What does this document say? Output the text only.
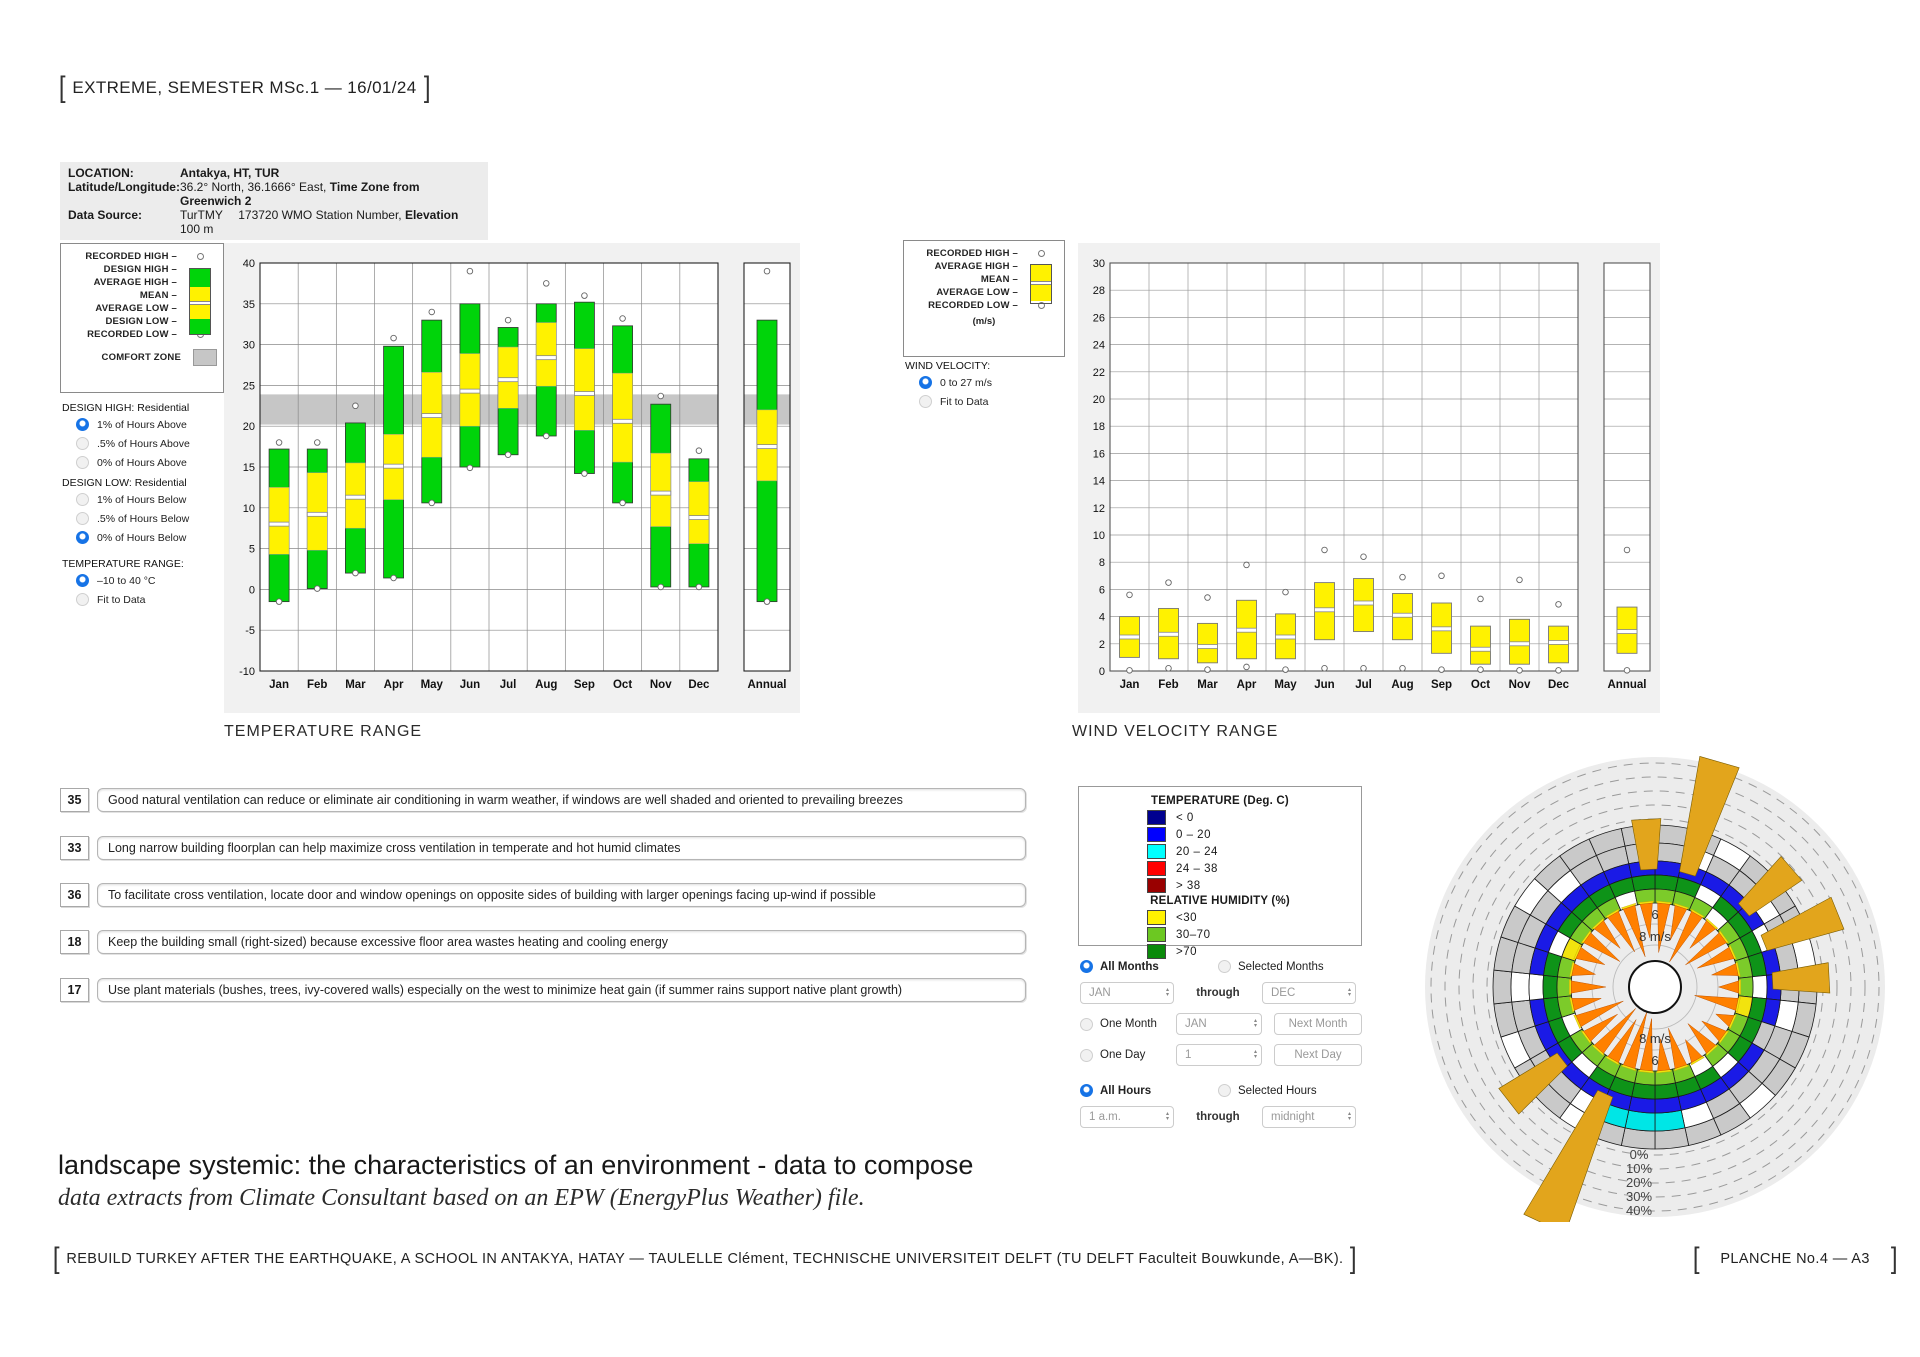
[ EXTREME, SEMESTER MSc.1 — 16/01/24 ]
LOCATION:	Antakya, HT, TUR
Latitude/Longitude: 36.2° North, 36.1666° East, Time Zone from Greenwich 2
Data Source:	TurTMY  173720 WMO Station Number, Elevation 100 m
RECORDED HIGH –
DESIGN HIGH –
AVERAGE HIGH –
MEAN –
AVERAGE LOW –
DESIGN LOW –
RECORDED LOW –
COMFORT ZONE
DESIGN HIGH: Residential
1% of Hours Above
.5% of Hours Above
0% of Hours Above
DESIGN LOW: Residential
1% of Hours Below
.5% of Hours Below
0% of Hours Below
TEMPERATURE RANGE:
–10 to 40 °C
Fit to Data
-10
-5
0
5
10
15
20
25
30
35
40
Jan Feb Mar Apr May Jun Jul Aug Sep Oct Nov Dec	Annual
TEMPERATURE RANGE
RECORDED HIGH –
AVERAGE HIGH –
MEAN –
AVERAGE LOW –
RECORDED LOW –
(m/s)
WIND VELOCITY:
0 to 27 m/s
Fit to Data
0
2
4
6
8
10
12
14
16
18
20
22
24
26
28
30
Jan Feb Mar Apr May Jun Jul Aug Sep Oct Nov Dec	Annual
WIND VELOCITY RANGE
35	Good natural ventilation can reduce or eliminate air conditioning in warm weather, if windows are well shaded and oriented to prevailing breezes
33	Long narrow building floorplan can help maximize cross ventilation in temperate and hot humid climates
36	To facilitate cross ventilation, locate door and window openings on opposite sides of building with larger openings facing up-wind if possible
18	Keep the building small (right-sized) because excessive floor area wastes heating and cooling energy
17	Use plant materials (bushes, trees, ivy-covered walls) especially on the west to minimize heat gain (if summer rains support native plant growth)
TEMPERATURE (Deg. C)
< 0
0 – 20
20 – 24
24 – 38
> 38
RELATIVE HUMIDITY (%)
<30
30–70
>70
All Months	Selected Months
JAN	▴
▾	through	DEC	▴
▾
One Month JAN	▴
▾	Next Month
One Day	1	▴
▾	Next Day
All Hours	Selected Hours
1 a.m.	▴
▾	through	midnight	▴
▾
6
8 m/s
8 m/s
6
0%
10%
20%
30%
40%
landscape systemic: the characteristics of an environment - data to compose
data extracts from Climate Consultant based on an EPW (EnergyPlus Weather) file.
[ REBUILD TURKEY AFTER THE EARTHQUAKE, A SCHOOL IN ANTAKYA, HATAY — TAULELLE Clément, TECHNISCHE UNIVERSITEIT DELFT (TU DELFT Faculteit Bouwkunde, A—BK). ]	[	PLANCHE No.4 — A3 ]
